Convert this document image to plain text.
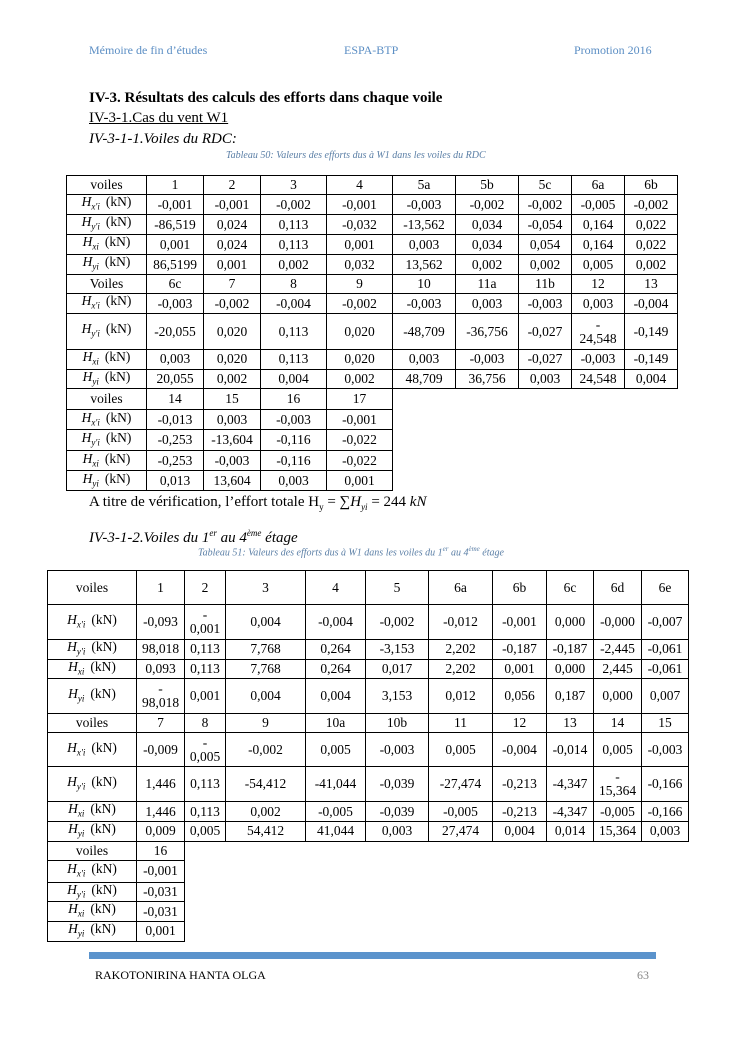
Mémoire de fin d’études	ESPA-BTP	Promotion 2016
IV-3. Résultats des calculs des efforts dans chaque voile
IV-3-1.Cas du vent W1
IV-3-1-1.Voiles du RDC:
Tableau 50: Valeurs des efforts dus à W1 dans les voiles du RDC
voiles	1	2	3	4	5a	5b	5c	6a	6b
$H_{x'i}$ (kN)	-0,001	-0,001	-0,002	-0,001	-0,003	-0,002	-0,002	-0,005	-0,002
$H_{y'i}$ (kN)	-86,519	0,024	0,113	-0,032	-13,562	0,034	-0,054	0,164	0,022
$H_{xi}$ (kN)	0,001	0,024	0,113	0,001	0,003	0,034	0,054	0,164	0,022
$H_{yi}$ (kN)	86,5199	0,001	0,002	0,032	13,562	0,002	0,002	0,005	0,002
Voiles	6c	7	8	9	10	11a	11b	12	13
$H_{x'i}$ (kN)	-0,003	-0,002	-0,004	-0,002	-0,003	0,003	-0,003	0,003	-0,004
$H_{y'i}$ (kN)	-20,055	0,020	0,113	0,020	-48,709	-36,756	-0,027	-
24,548	-0,149
$H_{xi}$ (kN)	0,003	0,020	0,113	0,020	0,003	-0,003	-0,027	-0,003	-0,149
$H_{yi}$ (kN)	20,055	0,002	0,004	0,002	48,709	36,756	0,003	24,548	0,004
voiles	14	15	16	17					
$H_{x'i}$ (kN)	-0,013	0,003	-0,003	-0,001					
$H_{y'i}$ (kN)	-0,253	-13,604	-0,116	-0,022					
$H_{xi}$ (kN)	-0,253	-0,003	-0,116	-0,022					
$H_{yi}$ (kN)	0,013	13,604	0,003	0,001					
A titre de vérification, l’effort totale $H_y = \sum H_{yi} = 244$ kN
IV-3-1-2.Voiles du 1er au 4ème étage
Tableau 51: Valeurs des efforts dus à W1 dans les voiles du 1er au 4ème étage
voiles	1	2	3	4	5	6a	6b	6c	6d	6e
$H_{x'i}$ (kN)	-0,093	-
0,001	0,004	-0,004	-0,002	-0,012	-0,001	0,000	-0,000	-0,007
$H_{y'i}$ (kN)	98,018	0,113	7,768	0,264	-3,153	2,202	-0,187	-0,187	-2,445	-0,061
$H_{xi}$ (kN)	0,093	0,113	7,768	0,264	0,017	2,202	0,001	0,000	2,445	-0,061
$H_{yi}$ (kN)	-
98,018	0,001	0,004	0,004	3,153	0,012	0,056	0,187	0,000	0,007
voiles	7	8	9	10a	10b	11	12	13	14	15
$H_{x'i}$ (kN)	-0,009	-
0,005	-0,002	0,005	-0,003	0,005	-0,004	-0,014	0,005	-0,003
$H_{y'i}$ (kN)	1,446	0,113	-54,412	-41,044	-0,039	-27,474	-0,213	-4,347	-
15,364	-0,166
$H_{xi}$ (kN)	1,446	0,113	0,002	-0,005	-0,039	-0,005	-0,213	-4,347	-0,005	-0,166
$H_{yi}$ (kN)	0,009	0,005	54,412	41,044	0,003	27,474	0,004	0,014	15,364	0,003
voiles	16									
$H_{x'i}$ (kN)	-0,001									
$H_{y'i}$ (kN)	-0,031									
$H_{xi}$ (kN)	-0,031									
$H_{yi}$ (kN)	0,001									
RAKOTONIRINA HANTA OLGA	63
